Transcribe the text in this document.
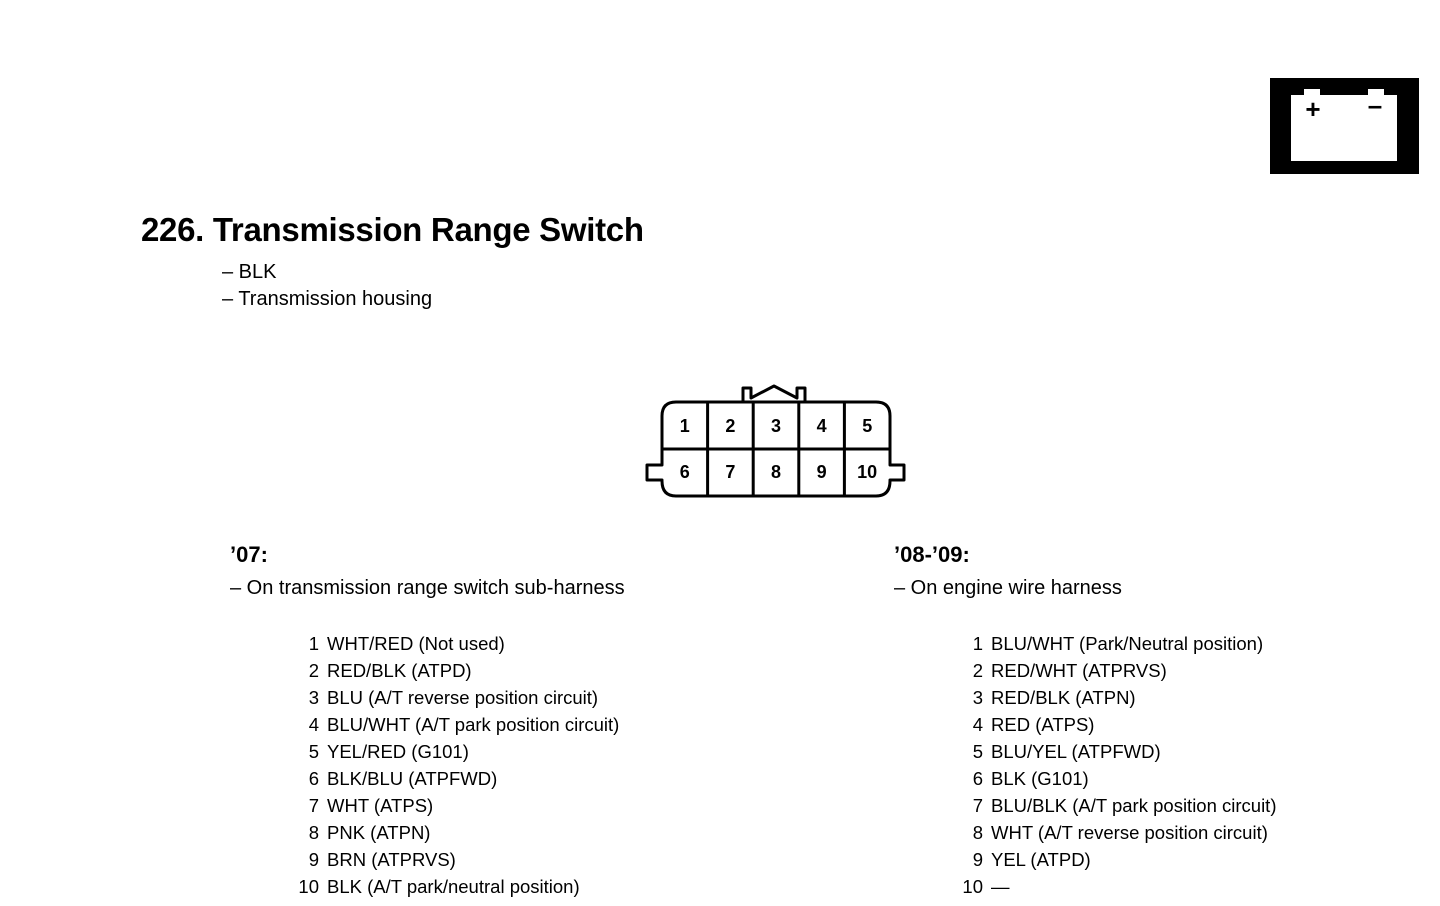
+ –
226. Transmission Range Switch
– BLK
– Transmission housing
1 2 3 4 5
6 7 8 9 10
’07:
– On transmission range switch sub-harness
1 WHT/RED (Not used)
2 RED/BLK (ATPD)
3 BLU (A/T reverse position circuit)
4 BLU/WHT (A/T park position circuit)
5 YEL/RED (G101)
6 BLK/BLU (ATPFWD)
7 WHT (ATPS)
8 PNK (ATPN)
9 BRN (ATPRVS)
10 BLK (A/T park/neutral position)
’08-’09:
– On engine wire harness
1 BLU/WHT (Park/Neutral position)
2 RED/WHT (ATPRVS)
3 RED/BLK (ATPN)
4 RED (ATPS)
5 BLU/YEL (ATPFWD)
6 BLK (G101)
7 BLU/BLK (A/T park position circuit)
8 WHT (A/T reverse position circuit)
9 YEL (ATPD)
10 —
